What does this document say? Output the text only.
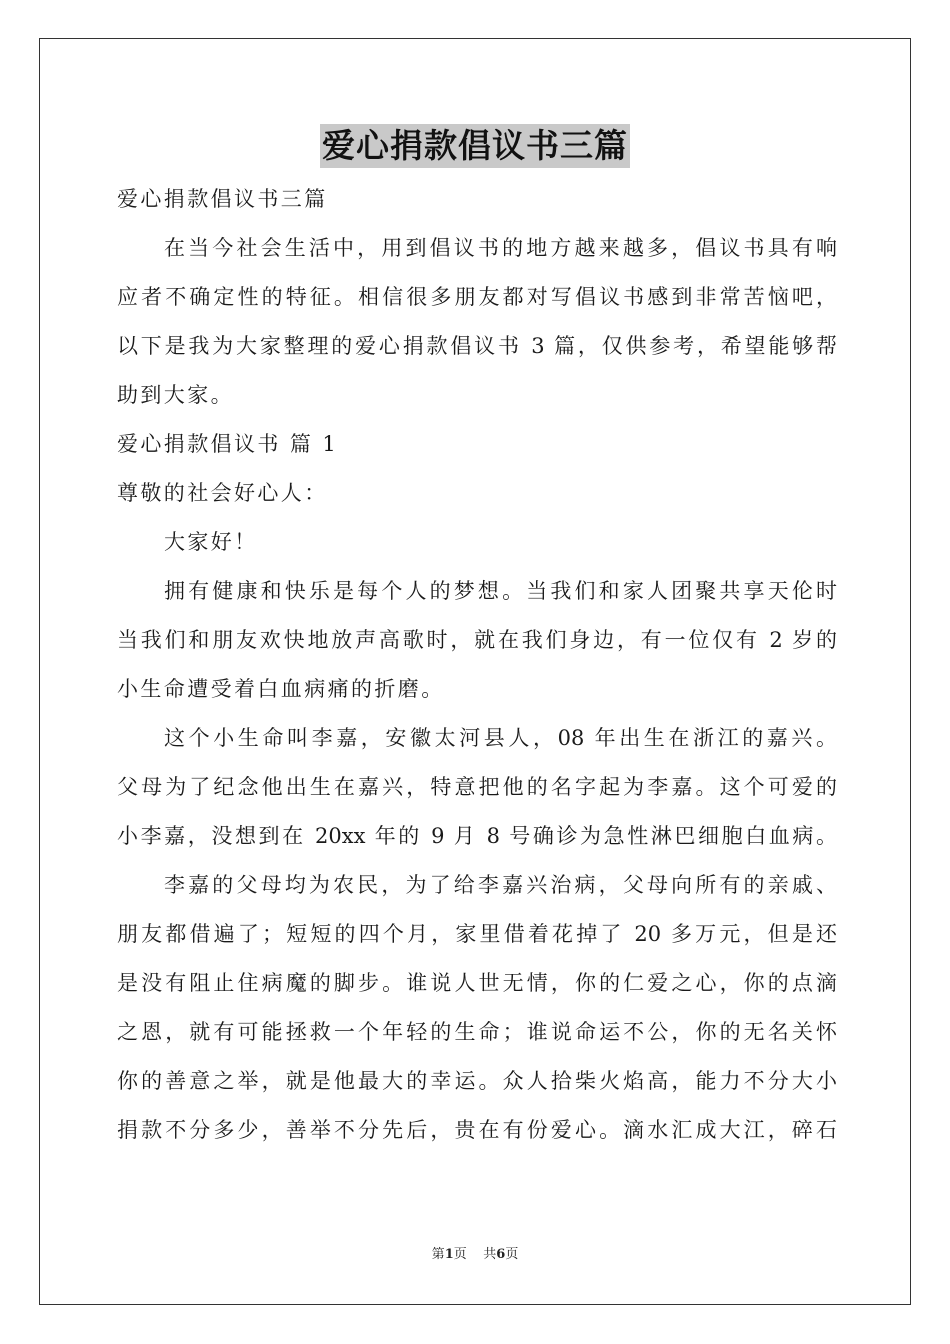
爱心捐款倡议书三篇
爱心捐款倡议书三篇
在当今社会生活中，用到倡议书的地方越来越多，倡议书具有响
应者不确定性的特征。相信很多朋友都对写倡议书感到非常苦恼吧，
以下是我为大家整理的爱心捐款倡议书 3 篇，仅供参考，希望能够帮
助到大家。
爱心捐款倡议书 篇 1
尊敬的社会好心人：
大家好！
拥有健康和快乐是每个人的梦想。当我们和家人团聚共享天伦时
当我们和朋友欢快地放声高歌时，就在我们身边，有一位仅有 2 岁的
小生命遭受着白血病痛的折磨。
这个小生命叫李嘉，安徽太河县人，08 年出生在浙江的嘉兴。
父母为了纪念他出生在嘉兴，特意把他的名字起为李嘉。这个可爱的
小李嘉，没想到在 20xx 年的 9 月 8 号确诊为急性淋巴细胞白血病。
李嘉的父母均为农民，为了给李嘉兴治病，父母向所有的亲戚、
朋友都借遍了；短短的四个月，家里借着花掉了 20 多万元，但是还
是没有阻止住病魔的脚步。谁说人世无情，你的仁爱之心，你的点滴
之恩，就有可能拯救一个年轻的生命；谁说命运不公，你的无名关怀
你的善意之举，就是他最大的幸运。众人拾柴火焰高，能力不分大小
捐款不分多少，善举不分先后，贵在有份爱心。滴水汇成大江，碎石
第1页    共6页
